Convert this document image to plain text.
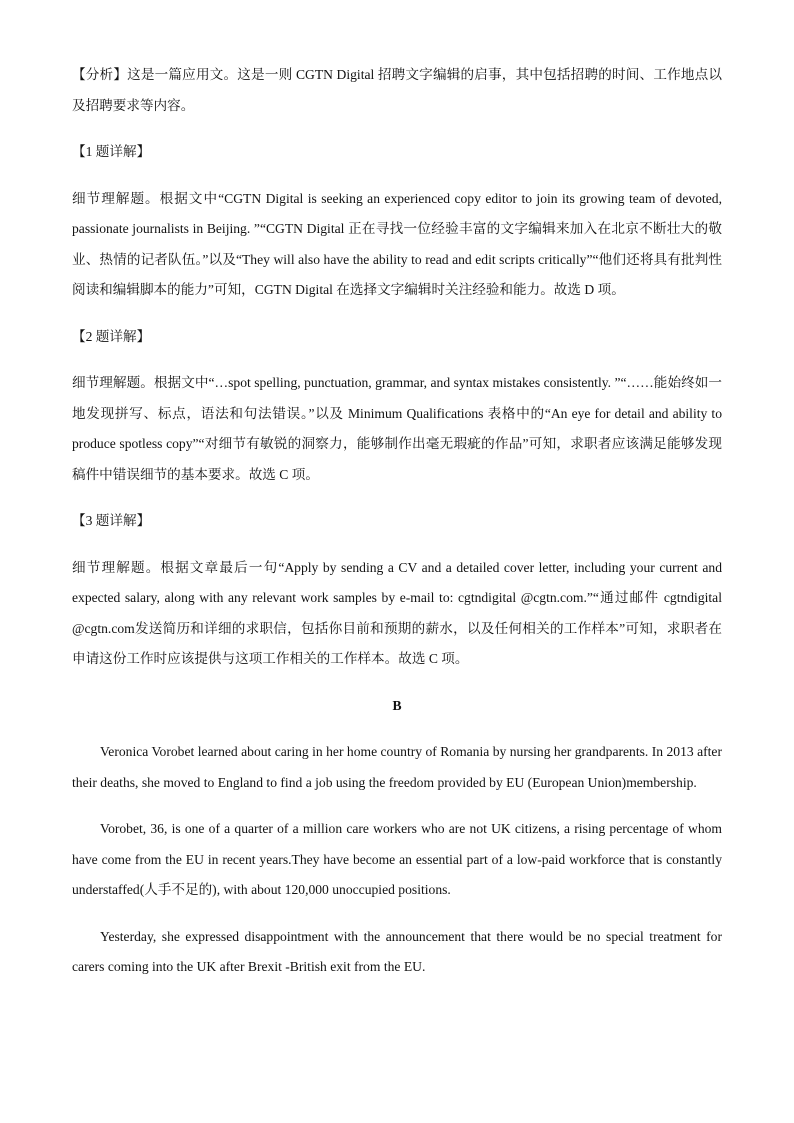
【分析】这是一篇应用文。这是一则 CGTN Digital 招聘文字编辑的启事，其中包括招聘的时间、工作地点以及招聘要求等内容。

【1 题详解】

细节理解题。根据文中“CGTN Digital is seeking an experienced copy editor to join its growing team of devoted, passionate journalists in Beijing. ”“CGTN Digital 正在寻找一位经验丰富的文字编辑来加入在北京不断壮大的敬业、热情的记者队伍。”以及“They will also have the ability to read and edit scripts critically”“他们还将具有批判性阅读和编辑脚本的能力”可知，CGTN Digital 在选择文字编辑时关注经验和能力。故选 D 项。

【2 题详解】

细节理解题。根据文中“…spot spelling, punctuation, grammar, and syntax mistakes consistently. ”“……能始终如一地发现拼写、标点，语法和句法错误。”以及 Minimum Qualifications 表格中的“An eye for detail and ability to produce spotless copy”“对细节有敏锐的洞察力，能够制作出毫无瑕疵的作品”可知，求职者应该满足能够发现稿件中错误细节的基本要求。故选 C 项。

【3 题详解】

细节理解题。根据文章最后一句“Apply by sending a CV and a detailed cover letter, including your current and expected salary, along with any relevant work samples by e-mail to: cgtndigital @cgtn.com.”“通过邮件 cgtndigital @cgtn.com发送简历和详细的求职信，包括你目前和预期的薪水，以及任何相关的工作样本”可知，求职者在申请这份工作时应该提供与这项工作相关的工作样本。故选 C 项。

B

Veronica Vorobet learned about caring in her home country of Romania by nursing her grandparents. In 2013 after their deaths, she moved to England to find a job using the freedom provided by EU (European Union)membership.

Vorobet, 36, is one of a quarter of a million care workers who are not UK citizens, a rising percentage of whom have come from the EU in recent years.They have become an essential part of a low-paid workforce that is constantly understaffed(人手不足的), with about 120,000 unoccupied positions.

Yesterday, she expressed disappointment with the announcement that there would be no special treatment for carers coming into the UK after Brexit -British exit from the EU.
